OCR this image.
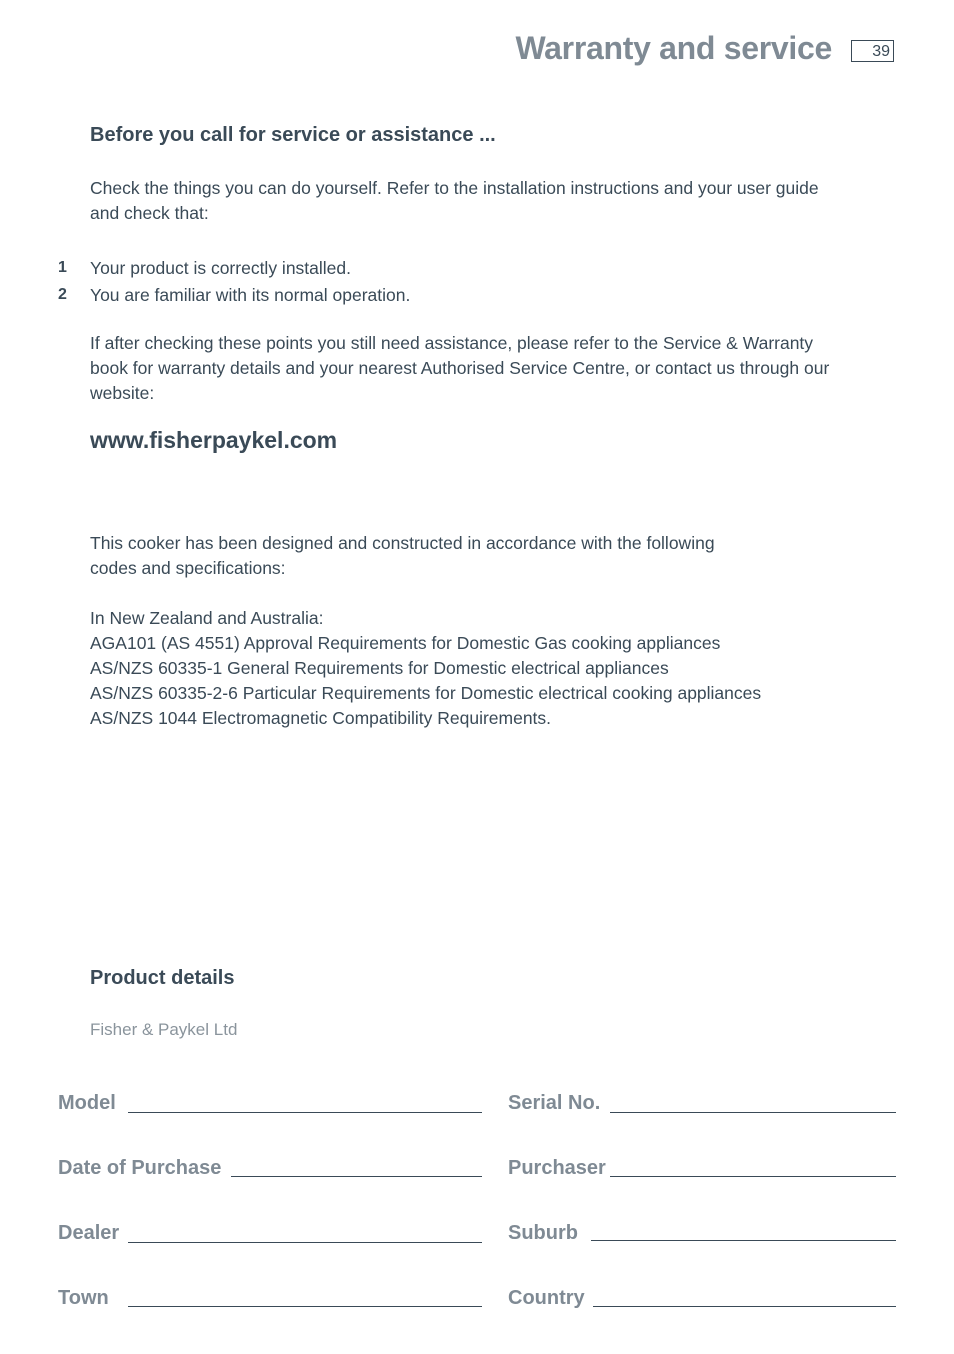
Warranty and service	39
Before you call for service or assistance ...
Check the things you can do yourself. Refer to the installation instructions and your user guide
and check that:
1 Your product is correctly installed.
2 You are familiar with its normal operation.
If after checking these points you still need assistance, please refer to the Service & Warranty
book for warranty details and your nearest Authorised Service Centre, or contact us through our
website:
www.fisherpaykel.com
This cooker has been designed and constructed in accordance with the following
codes and specifications:
In New Zealand and Australia:
AGA101 (AS 4551) Approval Requirements for Domestic Gas cooking appliances
AS/NZS 60335-1 General Requirements for Domestic electrical appliances
AS/NZS 60335-2-6 Particular Requirements for Domestic electrical cooking appliances
AS/NZS 1044 Electromagnetic Compatibility Requirements.
Product details
Fisher & Paykel Ltd
Model	Serial No.
Date of Purchase	Purchaser
Dealer	Suburb
Town	Country
